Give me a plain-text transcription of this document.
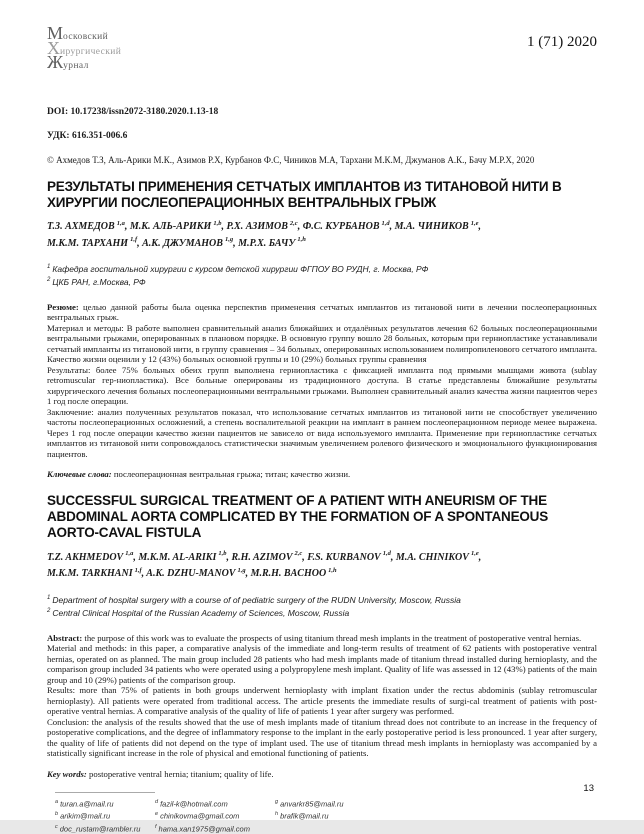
Московский
Хирургический
Журнал
1 (71) 2020
DOI: 10.17238/issn2072-3180.2020.1.13-18
УДК: 616.351-006.6
© Ахмедов Т.З, Аль-Арики М.К., Азимов Р.Х, Курбанов Ф.С, Чиников М.А, Тархани М.К.М, Джуманов А.К., Бачу М.Р.Х, 2020
РЕЗУЛЬТАТЫ ПРИМЕНЕНИЯ СЕТЧАТЫХ ИМПЛАНТОВ ИЗ ТИТАНОВОЙ НИТИ В ХИРУРГИИ ПОСЛЕОПЕРАЦИОННЫХ ВЕНТРАЛЬНЫХ ГРЫЖ
Т.З. АХМЕДОВ $^{1,a}$ , М.К. АЛЬ-АРИКИ $^{1,b}$ , Р.Х. АЗИМОВ $^{2,c}$ , Ф.С. КУРБАНОВ $^{1,d}$ , М.А. ЧИНИКОВ $^{1,e}$ ,
М.К.М. ТАРХАНИ $^{1,f}$ , А.К. ДЖУМАНОВ $^{1,g}$ , М.Р.Х. БАЧУ $^{1,h}$
$^1$ Кафедра госпитальной хирургии с курсом детской хирургии ФГПОУ ВО РУДН, г. Москва, РФ
$^2$ ЦКБ РАН, г.Москва, РФ
Резюме: целью данной работы была оценка перспектив применения сетчатых имплантов из титановой нити в лечении послеоперационных вентральных грыж.
Материал и методы: В работе выполнен сравнительный анализ ближайших и отдалённых результатов лечения 62 больных послеоперационными вентральными грыжами, оперированных в плановом порядке. В основную группу вошло 28 больных, которым при герниопластике устанавливали сетчатый импланты из титановой нити, в группу сравнения – 34 больных, оперированных использованием полипропиленового сетчатого импланта. Качество жизни оценили у 12 (43%) больных основной группы и 10 (29%) больных группы сравнения
Результаты: более 75% больных обеих групп выполнена герниопластика с фиксацией импланта под прямыми мышцами живота (sublay retromuscular гер-ниопластика). Все больные оперированы из традиционного доступа. В статье представлены ближайшие результаты хирургического лечения больных послеоперационными вентральными грыжами. Выполнен сравнительный анализ качества жизни пациентов через 1 год после операции.
Заключение: анализ полученных результатов показал, что использование сетчатых имплантов из титановой нити не способствует увеличению частоты послеоперационных осложнений, а степень воспалительной реакции на имплант в раннем послеоперационном периоде менее выражена. Через 1 год после операции качество жизни пациентов не зависело от вида используемого импланта. Применение при герниопластике сетчатых имплантов из титановой нити сопровождалось статистически значимым увеличением ролевого физического и эмоционального функционирования пациентов.
Ключевые слова: послеоперационная вентральная грыжа; титан; качество жизни.
SUCCESSFUL SURGICAL TREATMENT OF A PATIENT WITH ANEURISM OF THE ABDOMINAL AORTA COMPLICATED BY THE FORMATION OF A SPONTANEOUS AORTO-CAVAL FISTULA
T.Z. AKHMEDOV $^{1,a}$ , M.K.M. AL-ARIKI $^{1,b}$ , R.H. AZIMOV $^{2,c}$ , F.S. KURBANOV $^{1,d}$ , M.A. CHINIKOV $^{1,e}$ ,
M.K.M. TARKHANI $^{1,f}$ , A.K. DZHU-MANOV $^{1,g}$ , M.R.H. BACHOO $^{1,h}$
$^1$ Department of hospital surgery with a course of of pediatric surgery of the RUDN University, Moscow, Russia
$^2$ Central Clinical Hospital of the Russian Academy of Sciences, Moscow, Russia
Abstract: the purpose of this work was to evaluate the prospects of using titanium thread mesh implants in the treatment of postoperative ventral hernias.
Material and methods: in this paper, a comparative analysis of the immediate and long-term results of treatment of 62 patients with postoperative ventral hernias, operated on as planned. The main group included 28 patients who had mesh implants made of titanium thread installed during hernioplasty, and the comparison group included 34 patients who were operated using a polypropylene mesh implant. Quality of life was assessed in 12 (43%) patients of the main group and 10 (29%) patients of the comparison group.
Results: more than 75% of patients in both groups underwent hernioplasty with implant fixation under the rectus abdominis (sublay retromuscular hernioplasty). All patients were operated from traditional access. The article presents the immediate results of surgi-cal treatment of patients with post-operative ventral hernias. A comparative analysis of the quality of life of patients 1 year after surgery was performed.
Conclusion: the analysis of the results showed that the use of mesh implants made of titanium thread does not contribute to an increase in the frequency of postoperative complications, and the degree of inflammatory response to the implant in the early postoperative period is less pronounced. 1 year after surgery, the quality of life of patients did not depend on the type of implant used. The use of titanium thread mesh implants in hernioplasty was accompanied by a statistically significant increase in the role of physical and emotional functioning of patients.
Key words: postoperative ventral hernia; titanium; quality of life.
$^a$ turan.a@mail.ru
$^b$ arikim@mail.ru
$^c$ doc_rustam@rambler.ru
$^d$ fazil-k@hotmail.com
$^e$ chinikovma@gmail.com
$^f$ hama.xan1975@gmail.com
$^g$ anvarkr85@mail.ru
$^h$ brafik@mail.ru
13
